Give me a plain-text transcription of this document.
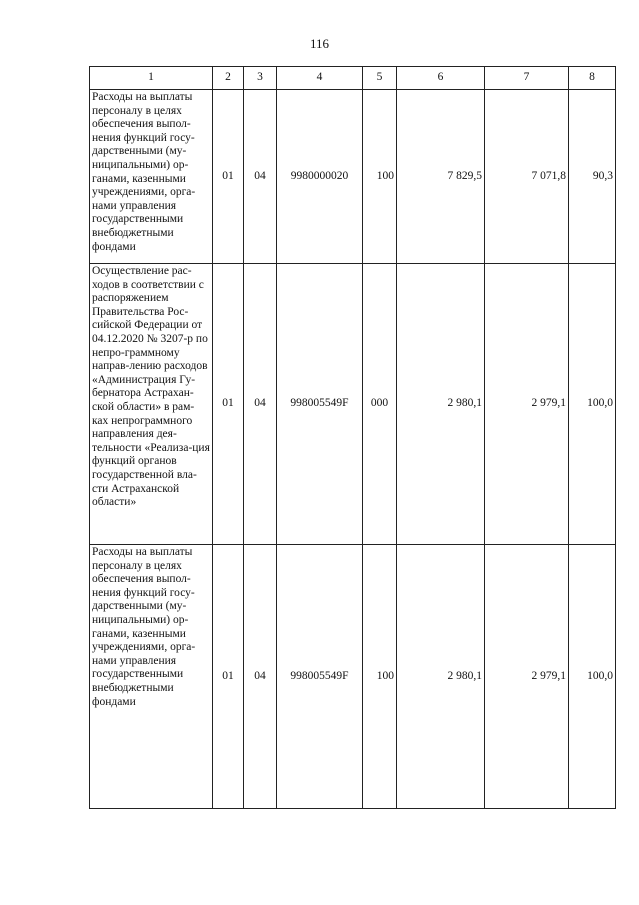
116
1	2	3	4	5	6	7	8
Расходы на выплаты персоналу в целях обеспечения выпол-нения функций госу-дарственными (му-ниципальными) ор-ганами, казенными учреждениями, орга-нами управления государственными внебюджетными фондами	01	04	9980000020	100	7 829,5	7 071,8	90,3
Осуществление рас-ходов в соответствии с распоряжением Правительства Рос-сийской Федерации от 04.12.2020 № 3207-р по непро-граммному направ-лению расходов «Администрация Гу-бернатора Астрахан-ской области» в рам-ках непрограммного направления дея-тельности «Реализа-ция функций органов государственной вла-сти Астраханской области»	01	04	998005549F	000	2 980,1	2 979,1	100,0
Расходы на выплаты персоналу в целях обеспечения выпол-нения функций госу-дарственными (му-ниципальными) ор-ганами, казенными учреждениями, орга-нами управления государственными внебюджетными фондами	01	04	998005549F	100	2 980,1	2 979,1	100,0
